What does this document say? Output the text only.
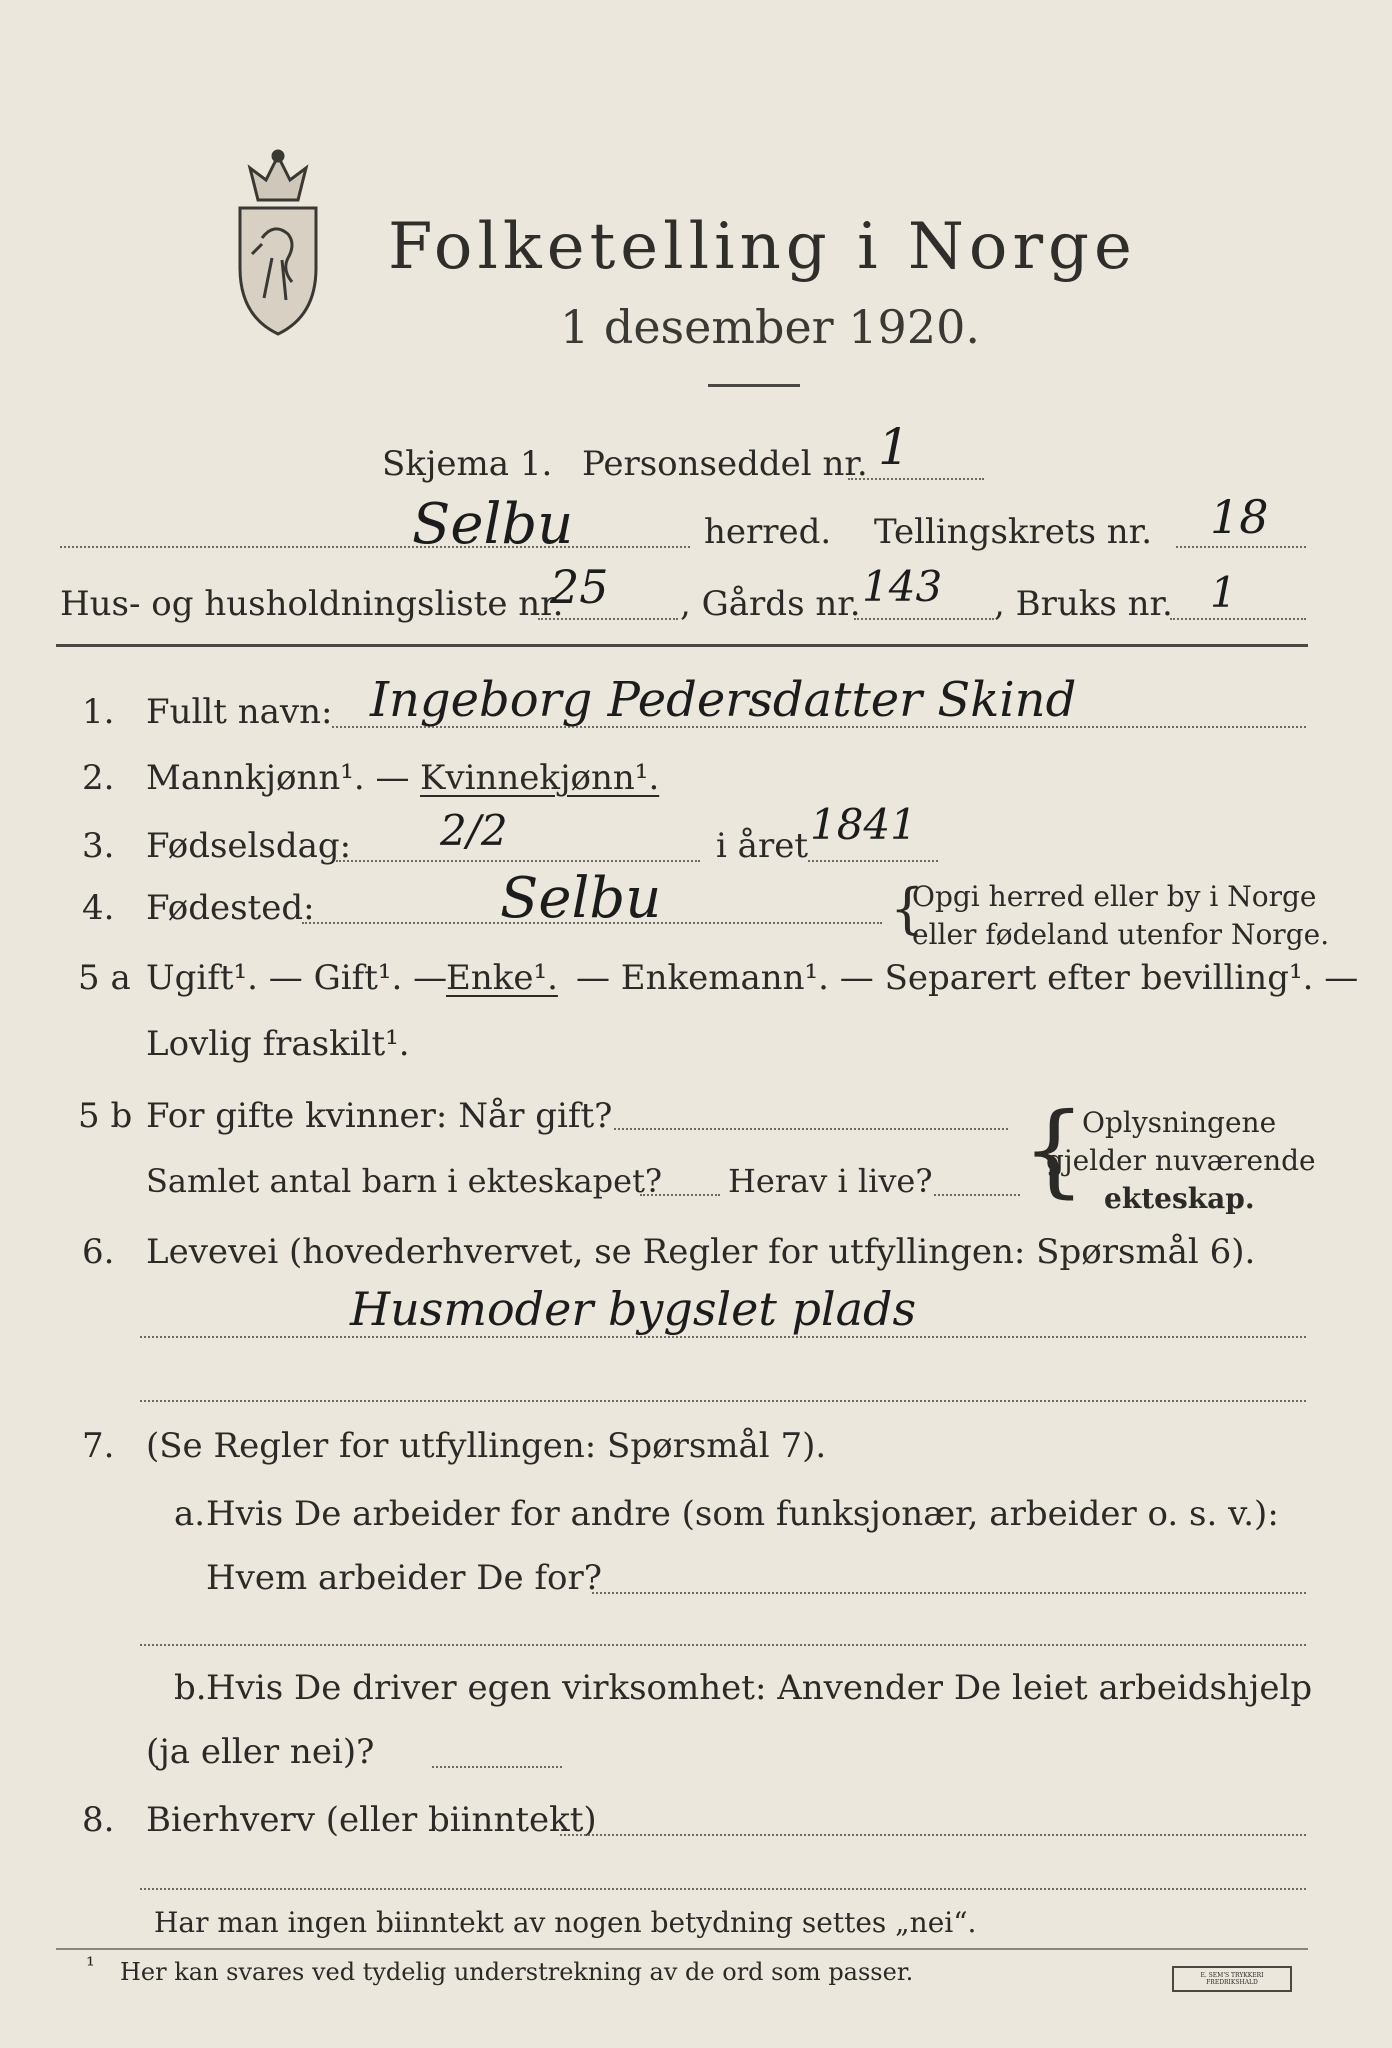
Folketelling i Norge
1 desember 1920.
Skjema 1. Personseddel nr. 1
Selbu	herred. Tellingskrets nr. 18
Hus- og husholdningsliste nr.
25 , Gårds nr. 143 , Bruks nr. 1
1. Fullt navn: Ingeborg Pedersdatter Skind
2. Mannkjønn¹. — Kvinnekjønn¹.
3. Fødselsdag: 2/2	i året 1841
4. Fødested:	Selbu	{
Opgi herred eller by i Norge
eller fødeland utenfor Norge.
5 a Ugift¹. — Gift¹. —
Enke¹. — Enkemann¹. — Separert efter bevilling¹. —
Lovlig fraskilt¹.
5 b For gifte kvinner: Når gift?
Samlet antal barn i ekteskapet? Herav i live? {
Oplysningene
gjelder nuværende
ekteskap.
6. Levevei (hovederhvervet, se Regler for utfyllingen: Spørsmål 6).
Husmoder bygslet plads
7. (Se Regler for utfyllingen: Spørsmål 7).
a. Hvis De arbeider for andre (som funksjonær, arbeider o. s. v.):
Hvem arbeider De for?
b. Hvis De driver egen virksomhet: Anvender De leiet arbeidshjelp
(ja eller nei)?
8. Bierhverv (eller biinntekt)
Har man ingen biinntekt av nogen betydning settes „nei“.
¹ Her kan svares ved tydelig understrekning av de ord som passer.	E. SEM'S TRYKKERI FREDRIKSHALD
